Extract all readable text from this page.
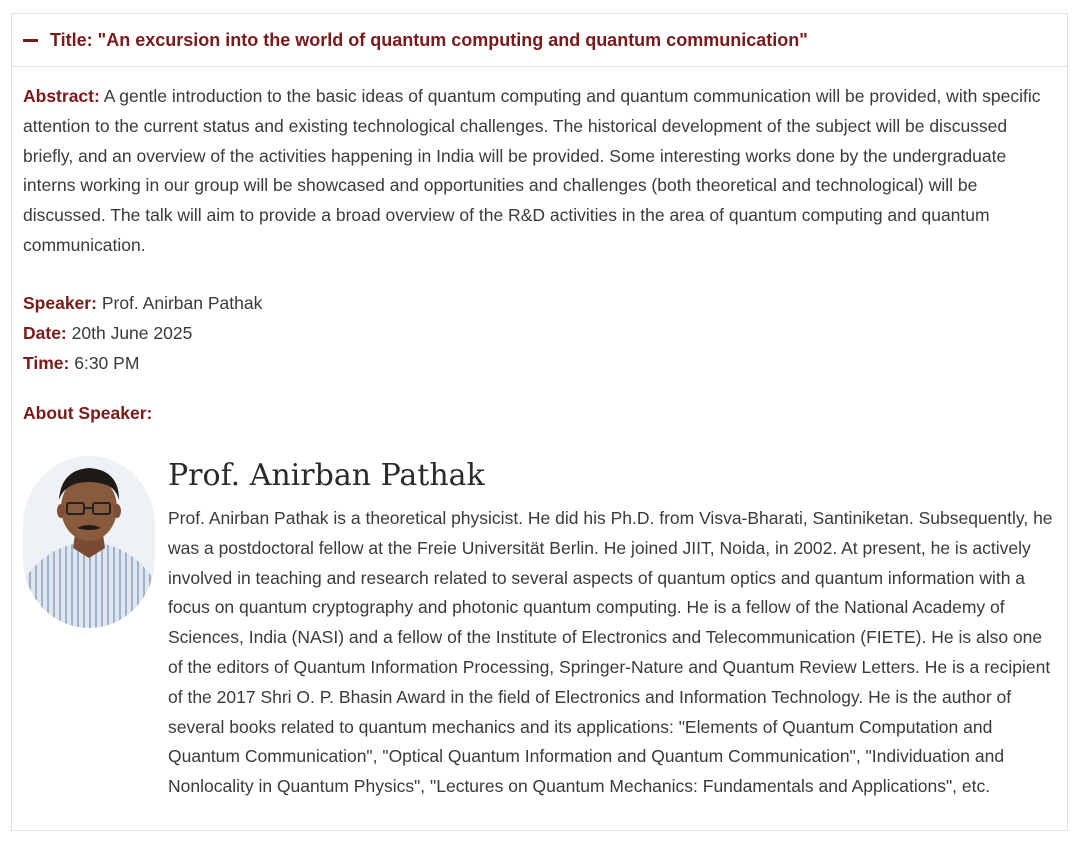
Title: "An excursion into the world of quantum computing and quantum communication"

Abstract: A gentle introduction to the basic ideas of quantum computing and quantum communication will be provided, with specific attention to the current status and existing technological challenges. The historical development of the subject will be discussed briefly, and an overview of the activities happening in India will be provided. Some interesting works done by the undergraduate interns working in our group will be showcased and opportunities and challenges (both theoretical and technological) will be discussed. The talk will aim to provide a broad overview of the R&D activities in the area of quantum computing and quantum communication.

Speaker: Prof. Anirban Pathak
Date: 20th June 2025
Time: 6:30 PM
About Speaker:
Prof. Anirban Pathak

Prof. Anirban Pathak is a theoretical physicist. He did his Ph.D. from Visva-Bharati, Santiniketan. Subsequently, he was a postdoctoral fellow at the Freie Universität Berlin. He joined JIIT, Noida, in 2002. At present, he is actively involved in teaching and research related to several aspects of quantum optics and quantum information with a focus on quantum cryptography and photonic quantum computing. He is a fellow of the National Academy of Sciences, India (NASI) and a fellow of the Institute of Electronics and Telecommunication (FIETE). He is also one of the editors of Quantum Information Processing, Springer-Nature and Quantum Review Letters. He is a recipient of the 2017 Shri O. P. Bhasin Award in the field of Electronics and Information Technology. He is the author of several books related to quantum mechanics and its applications: "Elements of Quantum Computation and Quantum Communication", "Optical Quantum Information and Quantum Communication", "Individuation and Nonlocality in Quantum Physics", "Lectures on Quantum Mechanics: Fundamentals and Applications", etc.
